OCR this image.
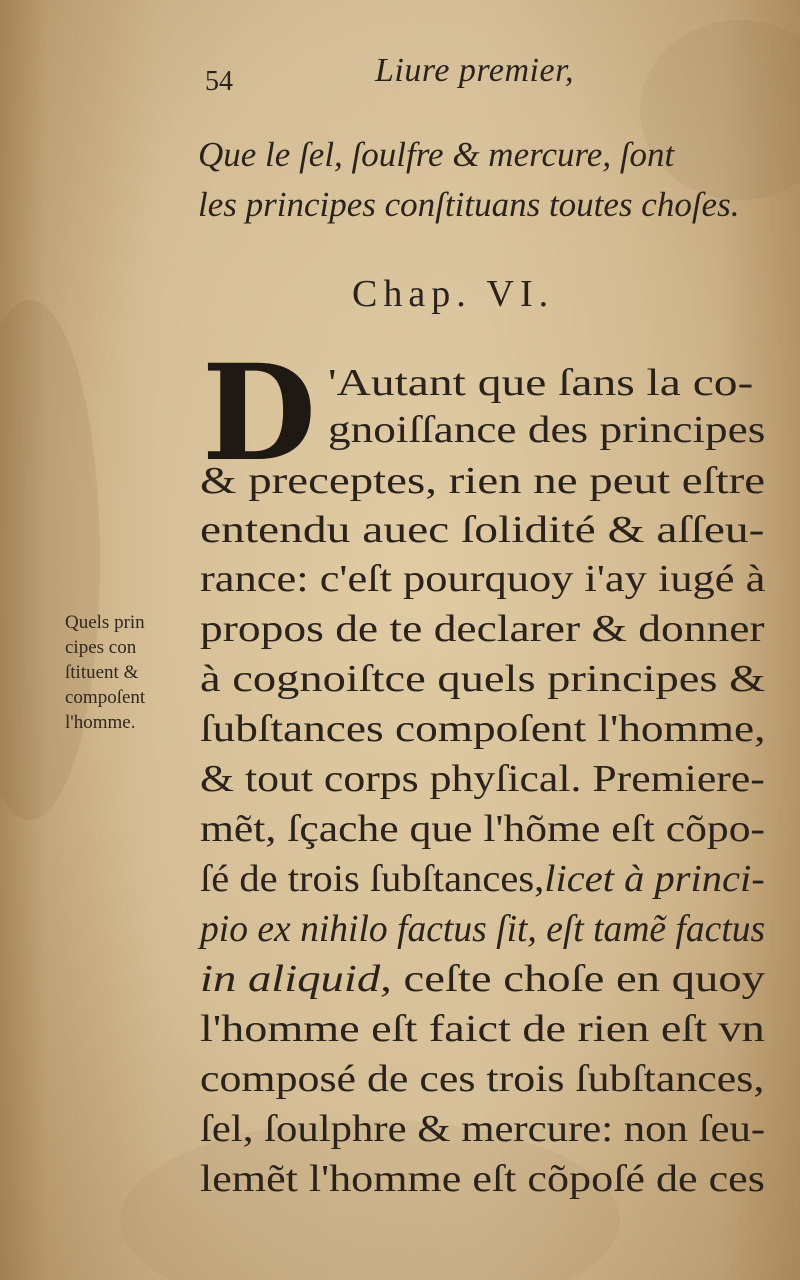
54	Liure premier,
Que le ſel, ſoulfre & mercure, ſont
les principes conſtituans toutes choſes.
Chap. VI.
D
Quels prin
cipes con
ſtituent &
compoſent
l'homme.
'Autant que ſans la co-
gnoiſſance des principes
& preceptes, rien ne peut eſtre
entendu auec ſolidité & aſſeu-
rance: c'eſt pourquoy i'ay iugé à
propos de te declarer & donner
à cognoiſtce quels principes &
ſubſtances compoſent l'homme,
& tout corps phyſical. Premiere-
mẽt, ſçache que l'hõme eſt cõpo-
ſé de trois ſubſtances,licet à princi-
pio ex nihilo factus ſit, eſt tamẽ factus
in aliquid, ceſte choſe en quoy
l'homme eſt faict de rien eſt vn
composé de ces trois ſubſtances,
ſel, ſoulphre & mercure: non ſeu-
lemẽt l'homme eſt cõpoſé de ces
